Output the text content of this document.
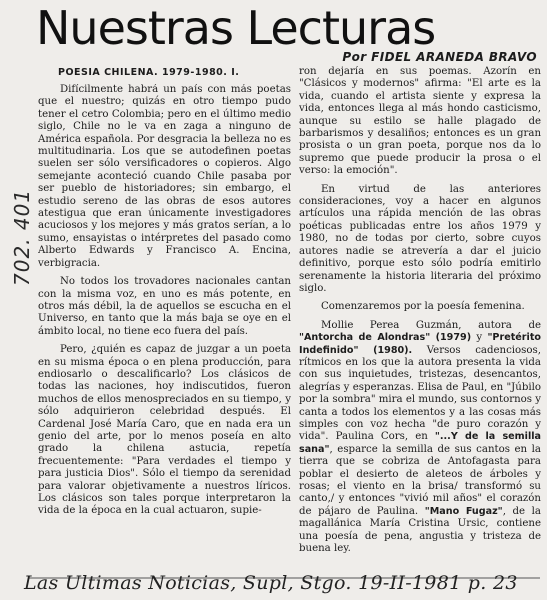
Nuestras Lecturas
Por FIDEL ARANEDA BRAVO
POESIA CHILENA. 1979-1980. I.
702. 401

Difícilmente habrá un país con más poetas que el nuestro; quizás en otro tiempo pudo tener el cetro Colombia; pero en el último medio siglo, Chile no le va en zaga a ninguno de América española. Por desgracia la belleza no es multitudinaria. Los que se autodefinen poetas suelen ser sólo versificadores o copieros. Algo semejante aconteció cuando Chile pasaba por ser pueblo de historiadores; sin embargo, el estudio sereno de las obras de esos autores atestigua que eran únicamente investigadores acuciosos y los mejores y más gratos serían, a lo sumo, ensayistas o intérpretes del pasado como Alberto Edwards y Francisco A. Encina, verbigracia.

No todos los trovadores nacionales cantan con la misma voz, en uno es más potente, en otros más débil, la de aquellos se escucha en el Universo, en tanto que la más baja se oye en el ámbito local, no tiene eco fuera del país.

Pero, ¿quién es capaz de juzgar a un poeta en su misma época o en plena producción, para endiosarlo o descalificarlo? Los clásicos de todas las naciones, hoy indiscutidos, fueron muchos de ellos menospreciados en su tiempo, y sólo adquirieron celebridad después. El Cardenal José María Caro, que en nada era un genio del arte, por lo menos poseía en alto grado la chilena astucia, repetía frecuentemente: "Para verdades el tiempo y para justicia Dios". Sólo el tiempo da serenidad para valorar objetivamente a nuestros líricos. Los clásicos son tales porque interpretaron la vida de la época en la cual actuaron, supie-

ron dejaría en sus poemas. Azorín en "Clásicos y modernos" afirma: "El arte es la vida, cuando el artista siente y expresa la vida, entonces llega al más hondo casticismo, aunque su estilo se halle plagado de barbarismos y desaliños; entonces es un gran prosista o un gran poeta, porque nos da lo supremo que puede producir la prosa o el verso: la emoción".

En virtud de las anteriores consideraciones, voy a hacer en algunos artículos una rápida mención de las obras poéticas publicadas entre los años 1979 y 1980, no de todas por cierto, sobre cuyos autores nadie se atrevería a dar el juicio definitivo, porque esto sólo podría emitirlo serenamente la historia literaria del próximo siglo.

Comenzaremos por la poesía femenina.

Mollie Perea Guzmán, autora de "Antorcha de Alondras" (1979) y "Pretérito Indefinido" (1980). Versos cadenciosos, rítmicos en los que la autora presenta la vida con sus inquietudes, tristezas, desencantos, alegrías y esperanzas. Elisa de Paul, en "Júbilo por la sombra" mira el mundo, sus contornos y canta a todos los elementos y a las cosas más simples con voz hecha "de puro corazón y vida". Paulina Cors, en "...Y de la semilla sana", esparce la semilla de sus cantos en la tierra que se cobriza de Antofagasta para poblar el desierto de aleteos de árboles y rosas; el viento en la brisa/ transformó su canto,/ y entonces "vivió mil años" el corazón de pájaro de Paulina. "Mano Fugaz", de la magallánica María Cristina Ursic, contiene una poesía de pena, angustia y tristeza de buena ley.

Las Ultimas Noticias, Supl, Stgo. 19-II-1981 p. 23
